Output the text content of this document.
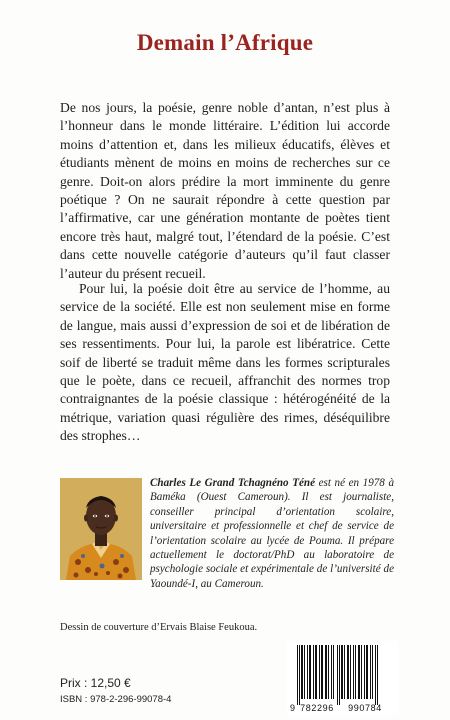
Demain l’Afrique

De nos jours, la poésie, genre noble d’antan, n’est plus à l’honneur dans le monde littéraire. L’édition lui accorde moins d’attention et, dans les milieux éducatifs, élèves et étudiants mènent de moins en moins de recherches sur ce genre. Doit-on alors prédire la mort imminente du genre poétique ? On ne saurait répondre à cette question par l’affirmative, car une génération montante de poètes tient encore très haut, malgré tout, l’étendard de la poésie. C’est dans cette nouvelle catégorie d’auteurs qu’il faut classer l’auteur du présent recueil.

Pour lui, la poésie doit être au service de l’homme, au service de la société. Elle est non seulement mise en forme de langue, mais aussi d’expression de soi et de libération de ses ressentiments. Pour lui, la parole est libératrice. Cette soif de liberté se traduit même dans les formes scripturales que le poète, dans ce recueil, affranchit des normes trop contraignantes de la poésie classique : hétérogénéité de la métrique, variation quasi régulière des rimes, déséquilibre des strophes…

Charles Le Grand Tchagnéno Téné est né en 1978 à Baméka (Ouest Cameroun). Il est journaliste, conseiller principal d’orientation scolaire, universitaire et professionnelle et chef de service de l’orientation scolaire au lycée de Pouma. Il prépare actuellement le doctorat/PhD au laboratoire de psychologie sociale et expérimentale de l’université de Yaoundé-I, au Cameroun.

Dessin de couverture d’Ervais Blaise Feukoua.
Prix : 12,50 €
ISBN : 978-2-296-99078-4
9 782296 990784
